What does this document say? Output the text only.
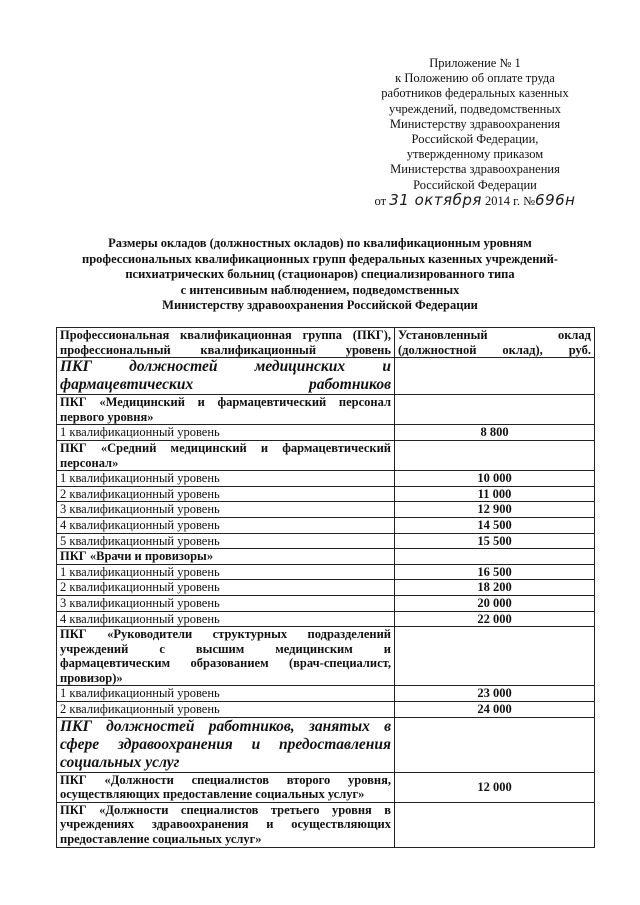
Приложение № 1
к Положению об оплате труда
работников федеральных казенных
учреждений, подведомственных
Министерству здравоохранения
Российской Федерации,
утвержденному приказом
Министерства здравоохранения
Российской Федерации
от 31 октября 2014 г. №696н
Размеры окладов (должностных окладов) по квалификационным уровням
профессиональных квалификационных групп федеральных казенных учреждений-
психиатрических больниц (стационаров) специализированного типа
с интенсивным наблюдением, подведомственных
Министерству здравоохранения Российской Федерации
Профессиональная квалификационная группа (ПКГ), профессиональный квалификационный уровень	Установленный оклад (должностной оклад), руб.
ПКГ должностей медицинских и фармацевтических работников	
ПКГ «Медицинский и фармацевтический персонал первого уровня»	
1 квалификационный уровень	8 800
ПКГ «Средний медицинский и фармацевтический персонал»	
1 квалификационный уровень	10 000
2 квалификационный уровень	11 000
3 квалификационный уровень	12 900
4 квалификационный уровень	14 500
5 квалификационный уровень	15 500
ПКГ «Врачи и провизоры»	
1 квалификационный уровень	16 500
2 квалификационный уровень	18 200
3 квалификационный уровень	20 000
4 квалификационный уровень	22 000
ПКГ «Руководители структурных подразделений учреждений с высшим медицинским и фармацевтическим образованием (врач-специалист, провизор)»	
1 квалификационный уровень	23 000
2 квалификационный уровень	24 000
ПКГ должностей работников, занятых в сфере здравоохранения и предоставления социальных услуг	
ПКГ «Должности специалистов второго уровня, осуществляющих предоставление социальных услуг»	12 000
ПКГ «Должности специалистов третьего уровня в учреждениях здравоохранения и осуществляющих предоставление социальных услуг»	
